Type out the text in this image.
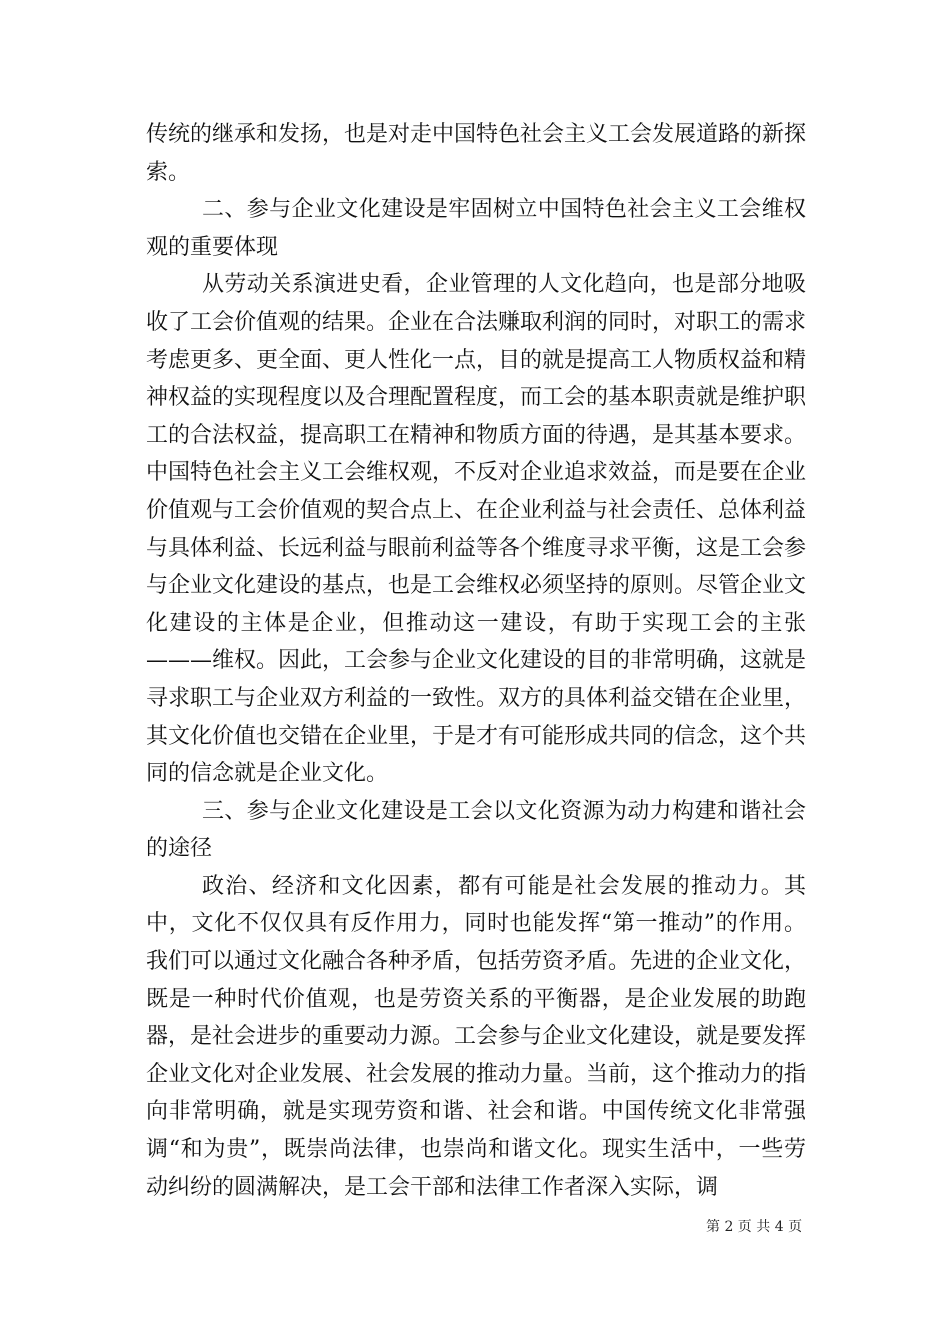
传统的继承和发扬，也是对走中国特色社会主义工会发展道路的新探索。

二、参与企业文化建设是牢固树立中国特色社会主义工会维权观的重要体现

从劳动关系演进史看，企业管理的人文化趋向，也是部分地吸收了工会价值观的结果。企业在合法赚取利润的同时，对职工的需求考虑更多、更全面、更人性化一点，目的就是提高工人物质权益和精神权益的实现程度以及合理配置程度，而工会的基本职责就是维护职工的合法权益，提高职工在精神和物质方面的待遇，是其基本要求。中国特色社会主义工会维权观，不反对企业追求效益，而是要在企业价值观与工会价值观的契合点上、在企业利益与社会责任、总体利益与具体利益、长远利益与眼前利益等各个维度寻求平衡，这是工会参与企业文化建设的基点，也是工会维权必须坚持的原则。尽管企业文化建设的主体是企业，但推动这一建设，有助于实现工会的主张———维权。因此，工会参与企业文化建设的目的非常明确，这就是寻求职工与企业双方利益的一致性。双方的具体利益交错在企业里，其文化价值也交错在企业里，于是才有可能形成共同的信念，这个共同的信念就是企业文化。

三、参与企业文化建设是工会以文化资源为动力构建和谐社会的途径

政治、经济和文化因素，都有可能是社会发展的推动力。其中，文化不仅仅具有反作用力，同时也能发挥“第一推动”的作用。我们可以通过文化融合各种矛盾，包括劳资矛盾。先进的企业文化，既是一种时代价值观，也是劳资关系的平衡器，是企业发展的助跑器，是社会进步的重要动力源。工会参与企业文化建设，就是要发挥企业文化对企业发展、社会发展的推动力量。当前，这个推动力的指向非常明确，就是实现劳资和谐、社会和谐。中国传统文化非常强调“和为贵”，既崇尚法律，也崇尚和谐文化。现实生活中，一些劳动纠纷的圆满解决，是工会干部和法律工作者深入实际，调

第 2 页 共 4 页
